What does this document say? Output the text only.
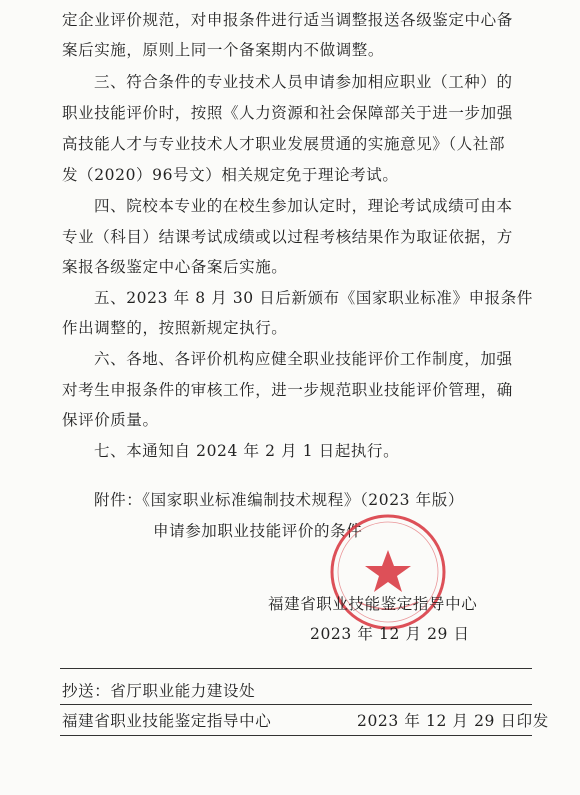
定企业评价规范，对申报条件进行适当调整报送各级鉴定中心备
案后实施，原则上同一个备案期内不做调整。
三、符合条件的专业技术人员申请参加相应职业（工种）的
职业技能评价时，按照《人力资源和社会保障部关于进一步加强
高技能人才与专业技术人才职业发展贯通的实施意见》（人社部
发（2020）96号文）相关规定免于理论考试。
四、院校本专业的在校生参加认定时，理论考试成绩可由本
专业（科目）结课考试成绩或以过程考核结果作为取证依据，方
案报各级鉴定中心备案后实施。
五、2023 年 8 月 30 日后新颁布《国家职业标准》申报条件
作出调整的，按照新规定执行。
六、各地、各评价机构应健全职业技能评价工作制度，加强
对考生申报条件的审核工作，进一步规范职业技能评价管理，确
保评价质量。
七、本通知自 2024 年 2 月 1 日起执行。
附件：《国家职业标准编制技术规程》（2023 年版）
申请参加职业技能评价的条件
福建省职业技能鉴定指导中心
2023 年 12 月 29 日
抄送：省厅职业能力建设处
福建省职业技能鉴定指导中心	2023 年 12 月 29 日印发
